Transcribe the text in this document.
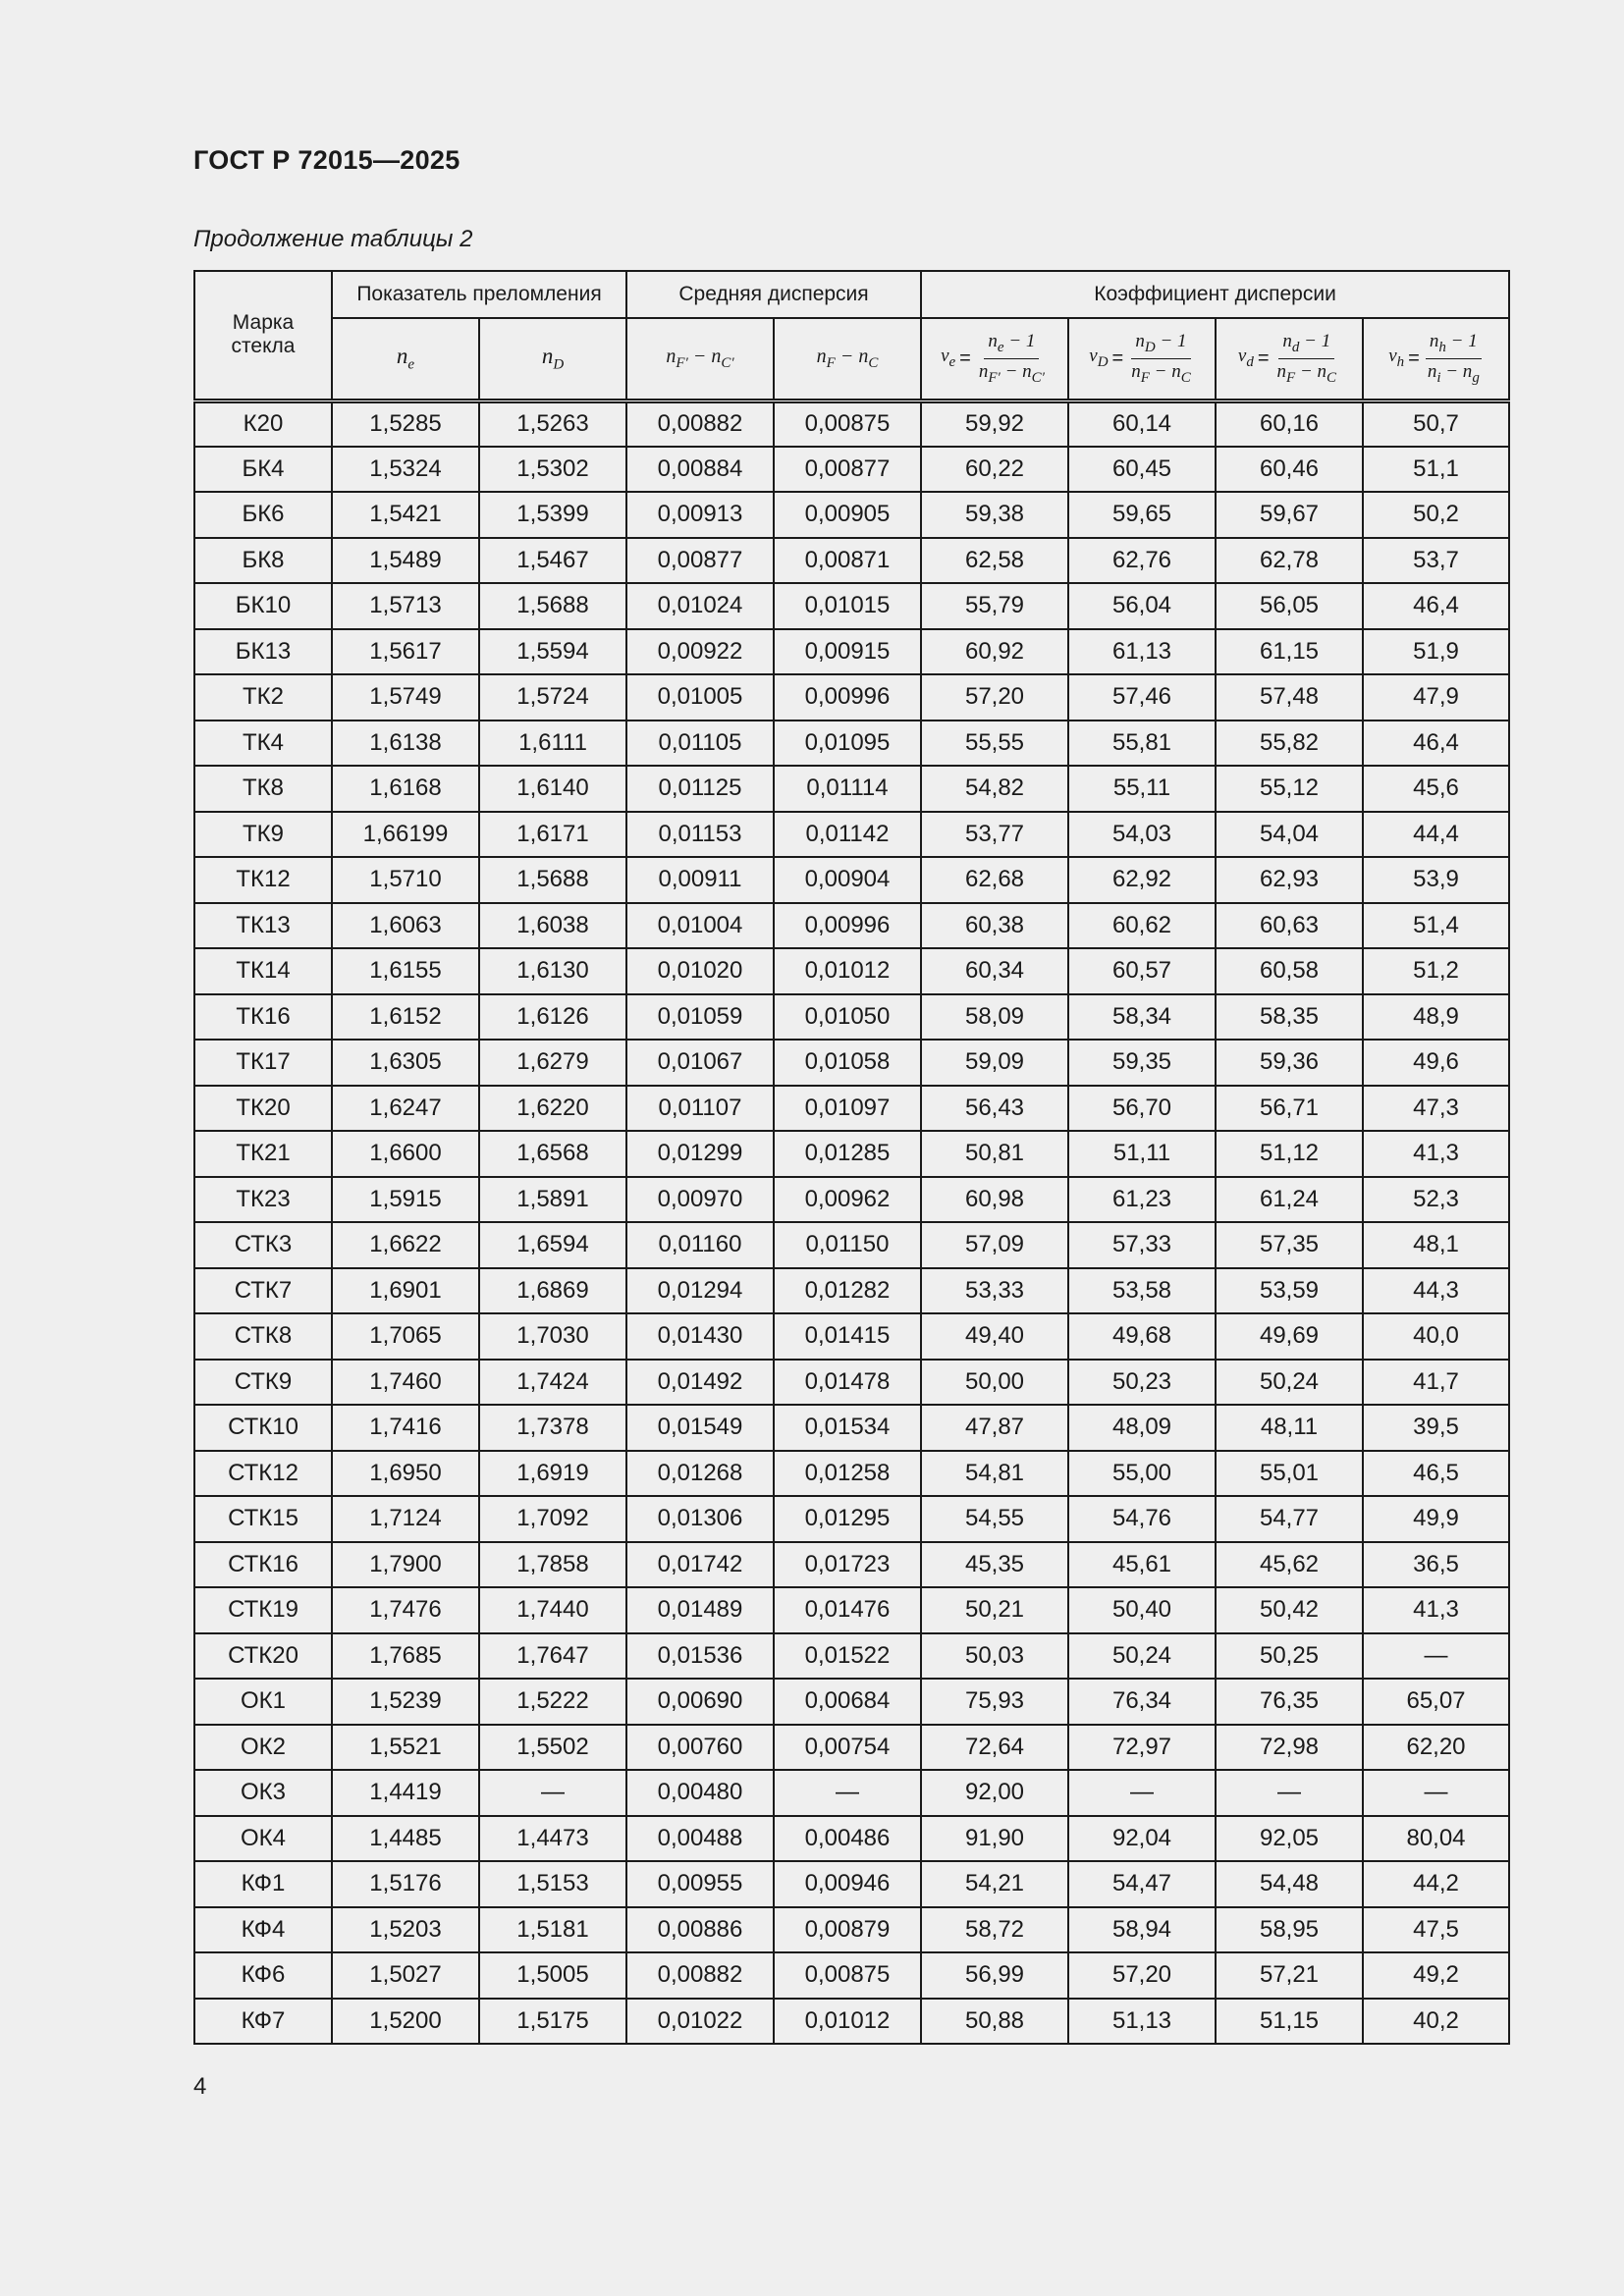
ГОСТ Р 72015—2025
Продолжение таблицы 2
Марка стекла	Показатель преломления		Средняя дисперсия		Коэффициент дисперсии			
	$n_e$	$n_D$	$n_{F'} - n_{C'}$	$n_F - n_C$	$v_e = \frac{n_e - 1}{n_{F'} - n_{C'}}$	$v_D = \frac{n_D - 1}{n_F - n_C}$	$v_d = \frac{n_d - 1}{n_F - n_C}$	$v_h = \frac{n_h - 1}{n_i - n_g}$

К20	1,5285	1,5263	0,00882	0,00875	59,92	60,14	60,16	50,7
БК4	1,5324	1,5302	0,00884	0,00877	60,22	60,45	60,46	51,1
БК6	1,5421	1,5399	0,00913	0,00905	59,38	59,65	59,67	50,2
БК8	1,5489	1,5467	0,00877	0,00871	62,58	62,76	62,78	53,7
БК10	1,5713	1,5688	0,01024	0,01015	55,79	56,04	56,05	46,4
БК13	1,5617	1,5594	0,00922	0,00915	60,92	61,13	61,15	51,9
ТК2	1,5749	1,5724	0,01005	0,00996	57,20	57,46	57,48	47,9
ТК4	1,6138	1,6111	0,01105	0,01095	55,55	55,81	55,82	46,4
ТК8	1,6168	1,6140	0,01125	0,01114	54,82	55,11	55,12	45,6
ТК9	1,66199	1,6171	0,01153	0,01142	53,77	54,03	54,04	44,4
ТК12	1,5710	1,5688	0,00911	0,00904	62,68	62,92	62,93	53,9
ТК13	1,6063	1,6038	0,01004	0,00996	60,38	60,62	60,63	51,4
ТК14	1,6155	1,6130	0,01020	0,01012	60,34	60,57	60,58	51,2
ТК16	1,6152	1,6126	0,01059	0,01050	58,09	58,34	58,35	48,9
ТК17	1,6305	1,6279	0,01067	0,01058	59,09	59,35	59,36	49,6
ТК20	1,6247	1,6220	0,01107	0,01097	56,43	56,70	56,71	47,3
ТК21	1,6600	1,6568	0,01299	0,01285	50,81	51,11	51,12	41,3
ТК23	1,5915	1,5891	0,00970	0,00962	60,98	61,23	61,24	52,3
СТК3	1,6622	1,6594	0,01160	0,01150	57,09	57,33	57,35	48,1
СТК7	1,6901	1,6869	0,01294	0,01282	53,33	53,58	53,59	44,3
СТК8	1,7065	1,7030	0,01430	0,01415	49,40	49,68	49,69	40,0
СТК9	1,7460	1,7424	0,01492	0,01478	50,00	50,23	50,24	41,7
СТК10	1,7416	1,7378	0,01549	0,01534	47,87	48,09	48,11	39,5
СТК12	1,6950	1,6919	0,01268	0,01258	54,81	55,00	55,01	46,5
СТК15	1,7124	1,7092	0,01306	0,01295	54,55	54,76	54,77	49,9
СТК16	1,7900	1,7858	0,01742	0,01723	45,35	45,61	45,62	36,5
СТК19	1,7476	1,7440	0,01489	0,01476	50,21	50,40	50,42	41,3
СТК20	1,7685	1,7647	0,01536	0,01522	50,03	50,24	50,25	—
ОК1	1,5239	1,5222	0,00690	0,00684	75,93	76,34	76,35	65,07
ОК2	1,5521	1,5502	0,00760	0,00754	72,64	72,97	72,98	62,20
ОК3	1,4419	—	0,00480	—	92,00	—	—	—
ОК4	1,4485	1,4473	0,00488	0,00486	91,90	92,04	92,05	80,04
КФ1	1,5176	1,5153	0,00955	0,00946	54,21	54,47	54,48	44,2
КФ4	1,5203	1,5181	0,00886	0,00879	58,72	58,94	58,95	47,5
КФ6	1,5027	1,5005	0,00882	0,00875	56,99	57,20	57,21	49,2
КФ7	1,5200	1,5175	0,01022	0,01012	50,88	51,13	51,15	40,2
4
